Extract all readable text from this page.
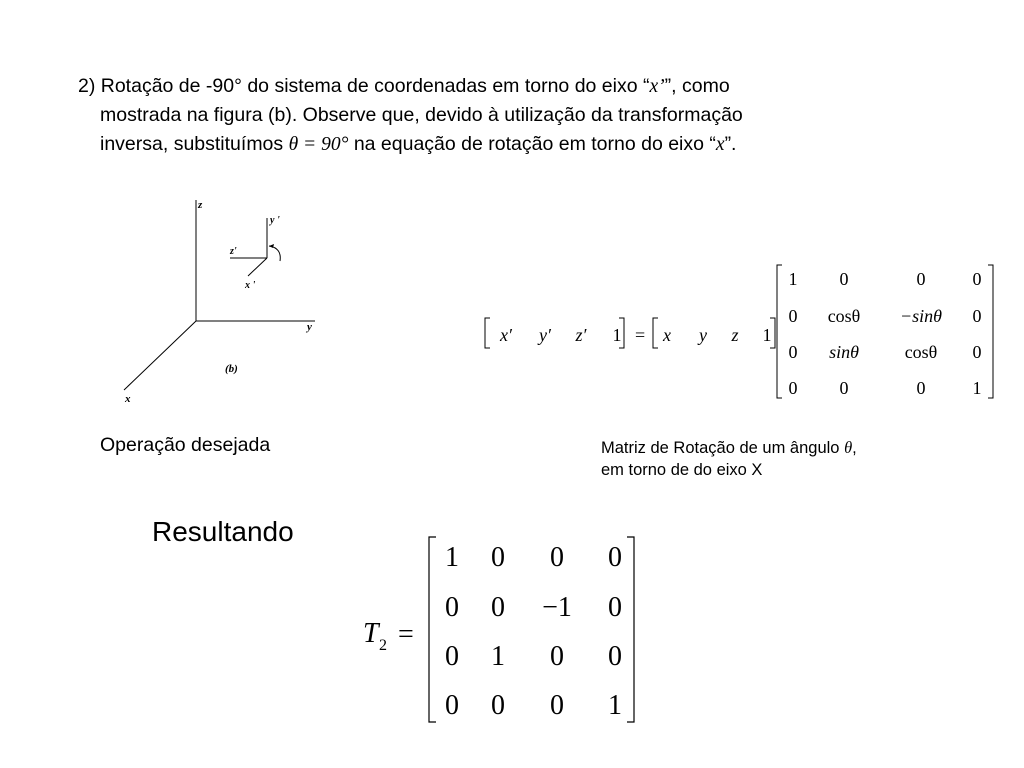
2) Rotação de -90° do sistema de coordenadas em torno do eixo “x’”, como
mostrada na figura (b). Observe que, devido à utilização da transformação
inversa, substituímos θ = 90° na equação de rotação em torno do eixo “x”.
z
y
x
y '
z'
x '
(b)
Operação desejada
x′ y′ z′ 1 = x y z 1
1 0	0	0
0 cosθ −sinθ 0
0 sinθ	cosθ 0
0 0	0	1
Matriz de Rotação de um ângulo θ,
em torno de do eixo X
Resultando
T 2 =
1 0 0 0
0 0 −1 0
0 1 0 0
0 0 0 1
